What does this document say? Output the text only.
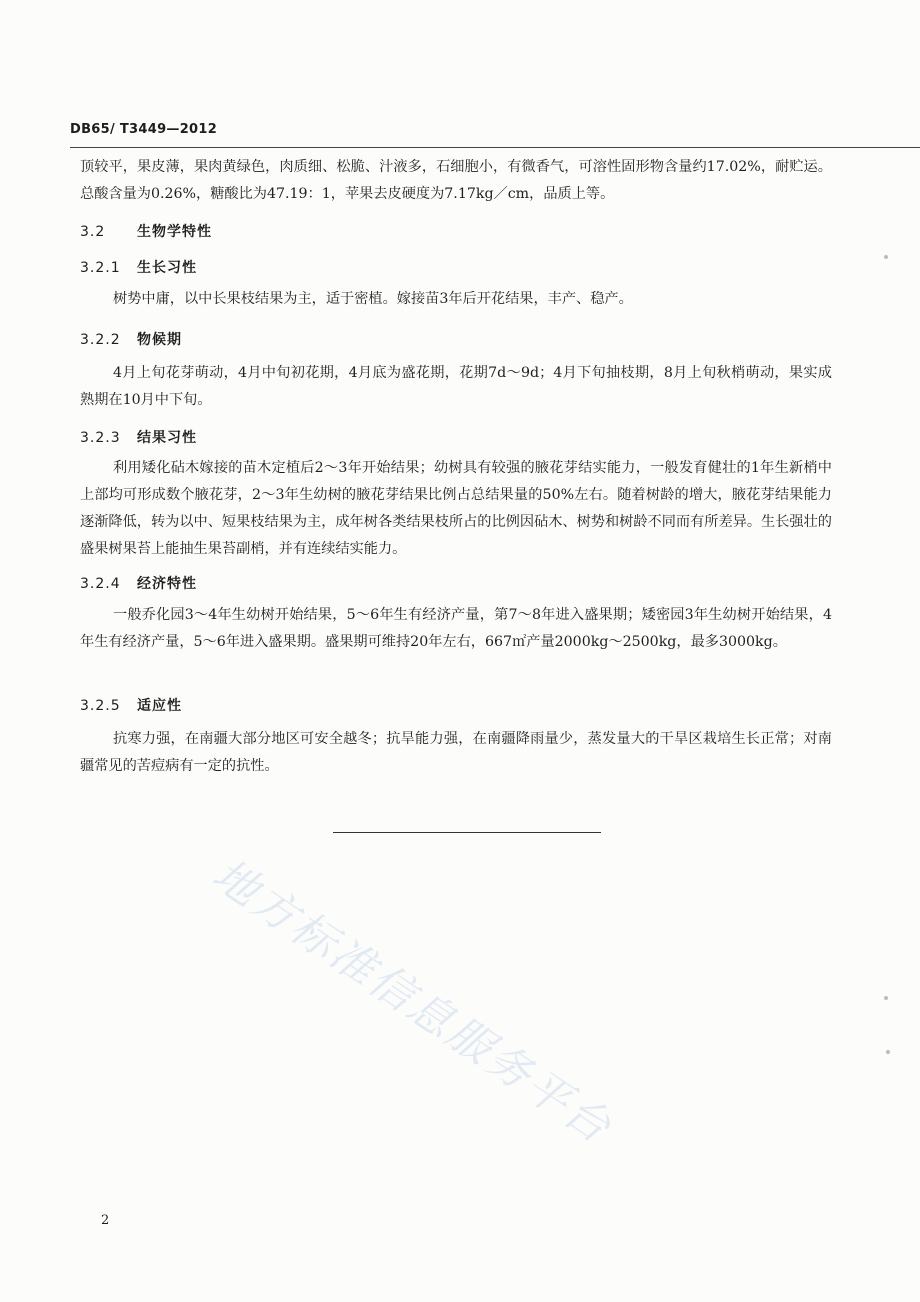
DB65/ T3449—2012
顶较平，果皮薄，果肉黄绿色，肉质细、松脆、汁液多，石细胞小，有微香气，可溶性固形物含量约17.02%，耐贮运。总酸含量为0.26%，糖酸比为47.19：1，苹果去皮硬度为7.17kg／cm，品质上等。
3.2 生物学特性
3.2.1 生长习性
树势中庸，以中长果枝结果为主，适于密植。嫁接苗3年后开花结果，丰产、稳产。
3.2.2 物候期
4月上旬花芽萌动，4月中旬初花期，4月底为盛花期，花期7d～9d；4月下旬抽枝期，8月上旬秋梢萌动，果实成熟期在10月中下旬。
3.2.3 结果习性
利用矮化砧木嫁接的苗木定植后2～3年开始结果；幼树具有较强的腋花芽结实能力，一般发育健壮的1年生新梢中上部均可形成数个腋花芽，2～3年生幼树的腋花芽结果比例占总结果量的50%左右。随着树龄的增大，腋花芽结果能力逐渐降低，转为以中、短果枝结果为主，成年树各类结果枝所占的比例因砧木、树势和树龄不同而有所差异。生长强壮的盛果树果苔上能抽生果苔副梢，并有连续结实能力。
3.2.4 经济特性
一般乔化园3～4年生幼树开始结果，5～6年生有经济产量，第7～8年进入盛果期；矮密园3年生幼树开始结果，4年生有经济产量，5～6年进入盛果期。盛果期可维持20年左右，667㎡产量2000kg～2500kg，最多3000kg。
3.2.5 适应性
抗寒力强，在南疆大部分地区可安全越冬；抗旱能力强，在南疆降雨量少，蒸发量大的干旱区栽培生长正常；对南疆常见的苦痘病有一定的抗性。
地方标准信息服务平台
2
